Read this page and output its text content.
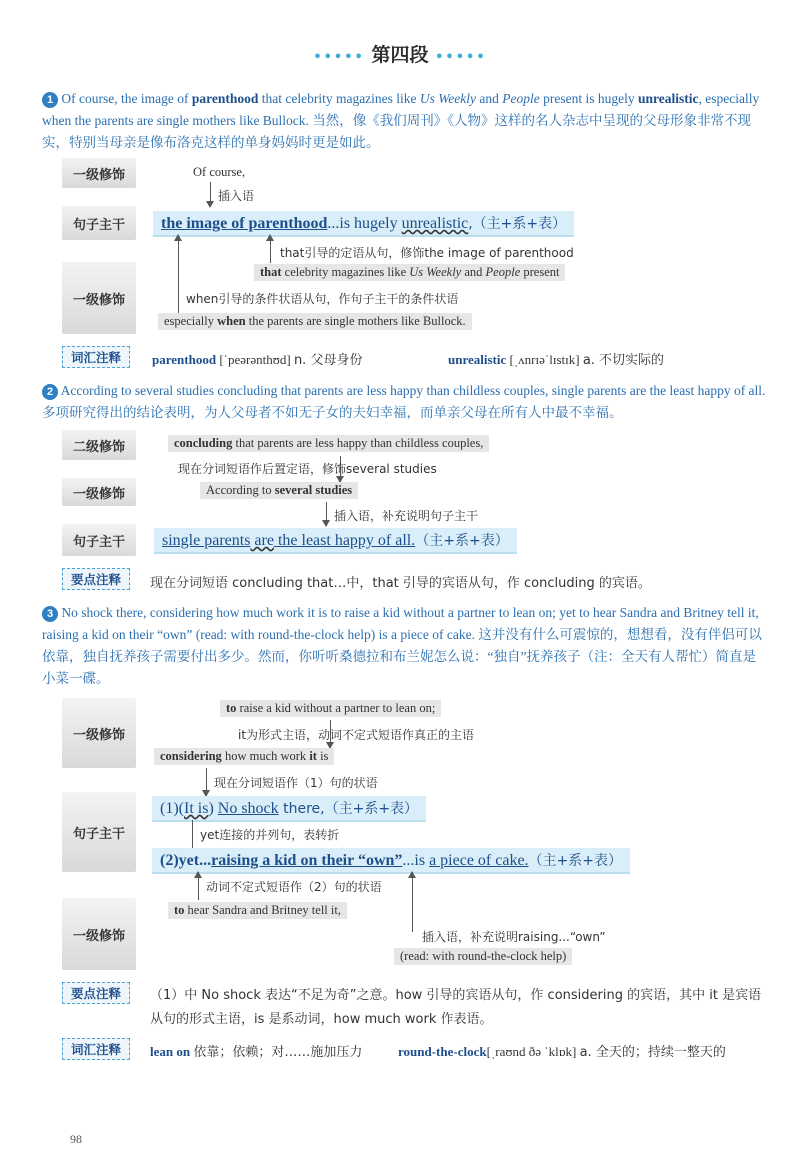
••••• 第四段 •••••
1 Of course, the image of parenthood that celebrity magazines like Us Weekly and People present is hugely unrealistic, especially when the parents are single mothers like Bullock. 当然，像《我们周刊》《人物》这样的名人杂志中呈现的父母形象非常不现实，特别当母亲是像布洛克这样的单身妈妈时更是如此。
一级修饰
句子主干
一级修饰
Of course,
插入语
the image of parenthood...is hugely unrealistic,（主+系+表）
that引导的定语从句，修饰the image of parenthood
that celebrity magazines like Us Weekly and People present
when引导的条件状语从句，作句子主干的条件状语
especially when the parents are single mothers like Bullock.
词汇注释	parenthood [ˈpeərənthʊd] n. 父母身份	unrealistic [ˌʌnrɪəˈlɪstɪk] a. 不切实际的
2 According to several studies concluding that parents are less happy than childless couples, single parents are the least happy of all. 多项研究得出的结论表明，为人父母者不如无子女的夫妇幸福，而单亲父母在所有人中最不幸福。
二级修饰
一级修饰
句子主干
concluding that parents are less happy than childless couples,
现在分词短语作后置定语，修饰several studies
According to several studies
插入语，补充说明句子主干
single parents are the least happy of all.（主+系+表）
要点注释	现在分词短语 concluding that…中，that 引导的宾语从句，作 concluding 的宾语。
3 No shock there, considering how much work it is to raise a kid without a partner to lean on; yet to hear Sandra and Britney tell it, raising a kid on their “own” (read: with round-the-clock help) is a piece of cake. 这并没有什么可震惊的，想想看，没有伴侣可以依靠，独自抚养孩子需要付出多少。然而，你听听桑德拉和布兰妮怎么说：“独自”抚养孩子（注：全天有人帮忙）简直是小菜一碟。
一级修饰
句子主干
一级修饰
to raise a kid without a partner to lean on;
it为形式主语，动词不定式短语作真正的主语
considering how much work it is
现在分词短语作（1）句的状语
(1)(It is) No shock there,（主+系+表）
yet连接的并列句，表转折
(2)yet...raising a kid on their “own”...is a piece of cake.（主+系+表）
动词不定式短语作（2）句的状语
to hear Sandra and Britney tell it,
插入语，补充说明raising...“own”
(read: with round-the-clock help)
要点注释	（1）中 No shock 表达“不足为奇”之意。how 引导的宾语从句，作 considering 的宾语，其中 it 是宾语从句的形式主语，is 是系动词，how much work 作表语。
词汇注释	lean on 依靠；依赖；对……施加压力	round-the-clock[ˌraʊnd ðə ˈklɒk] a. 全天的；持续一整天的
98
